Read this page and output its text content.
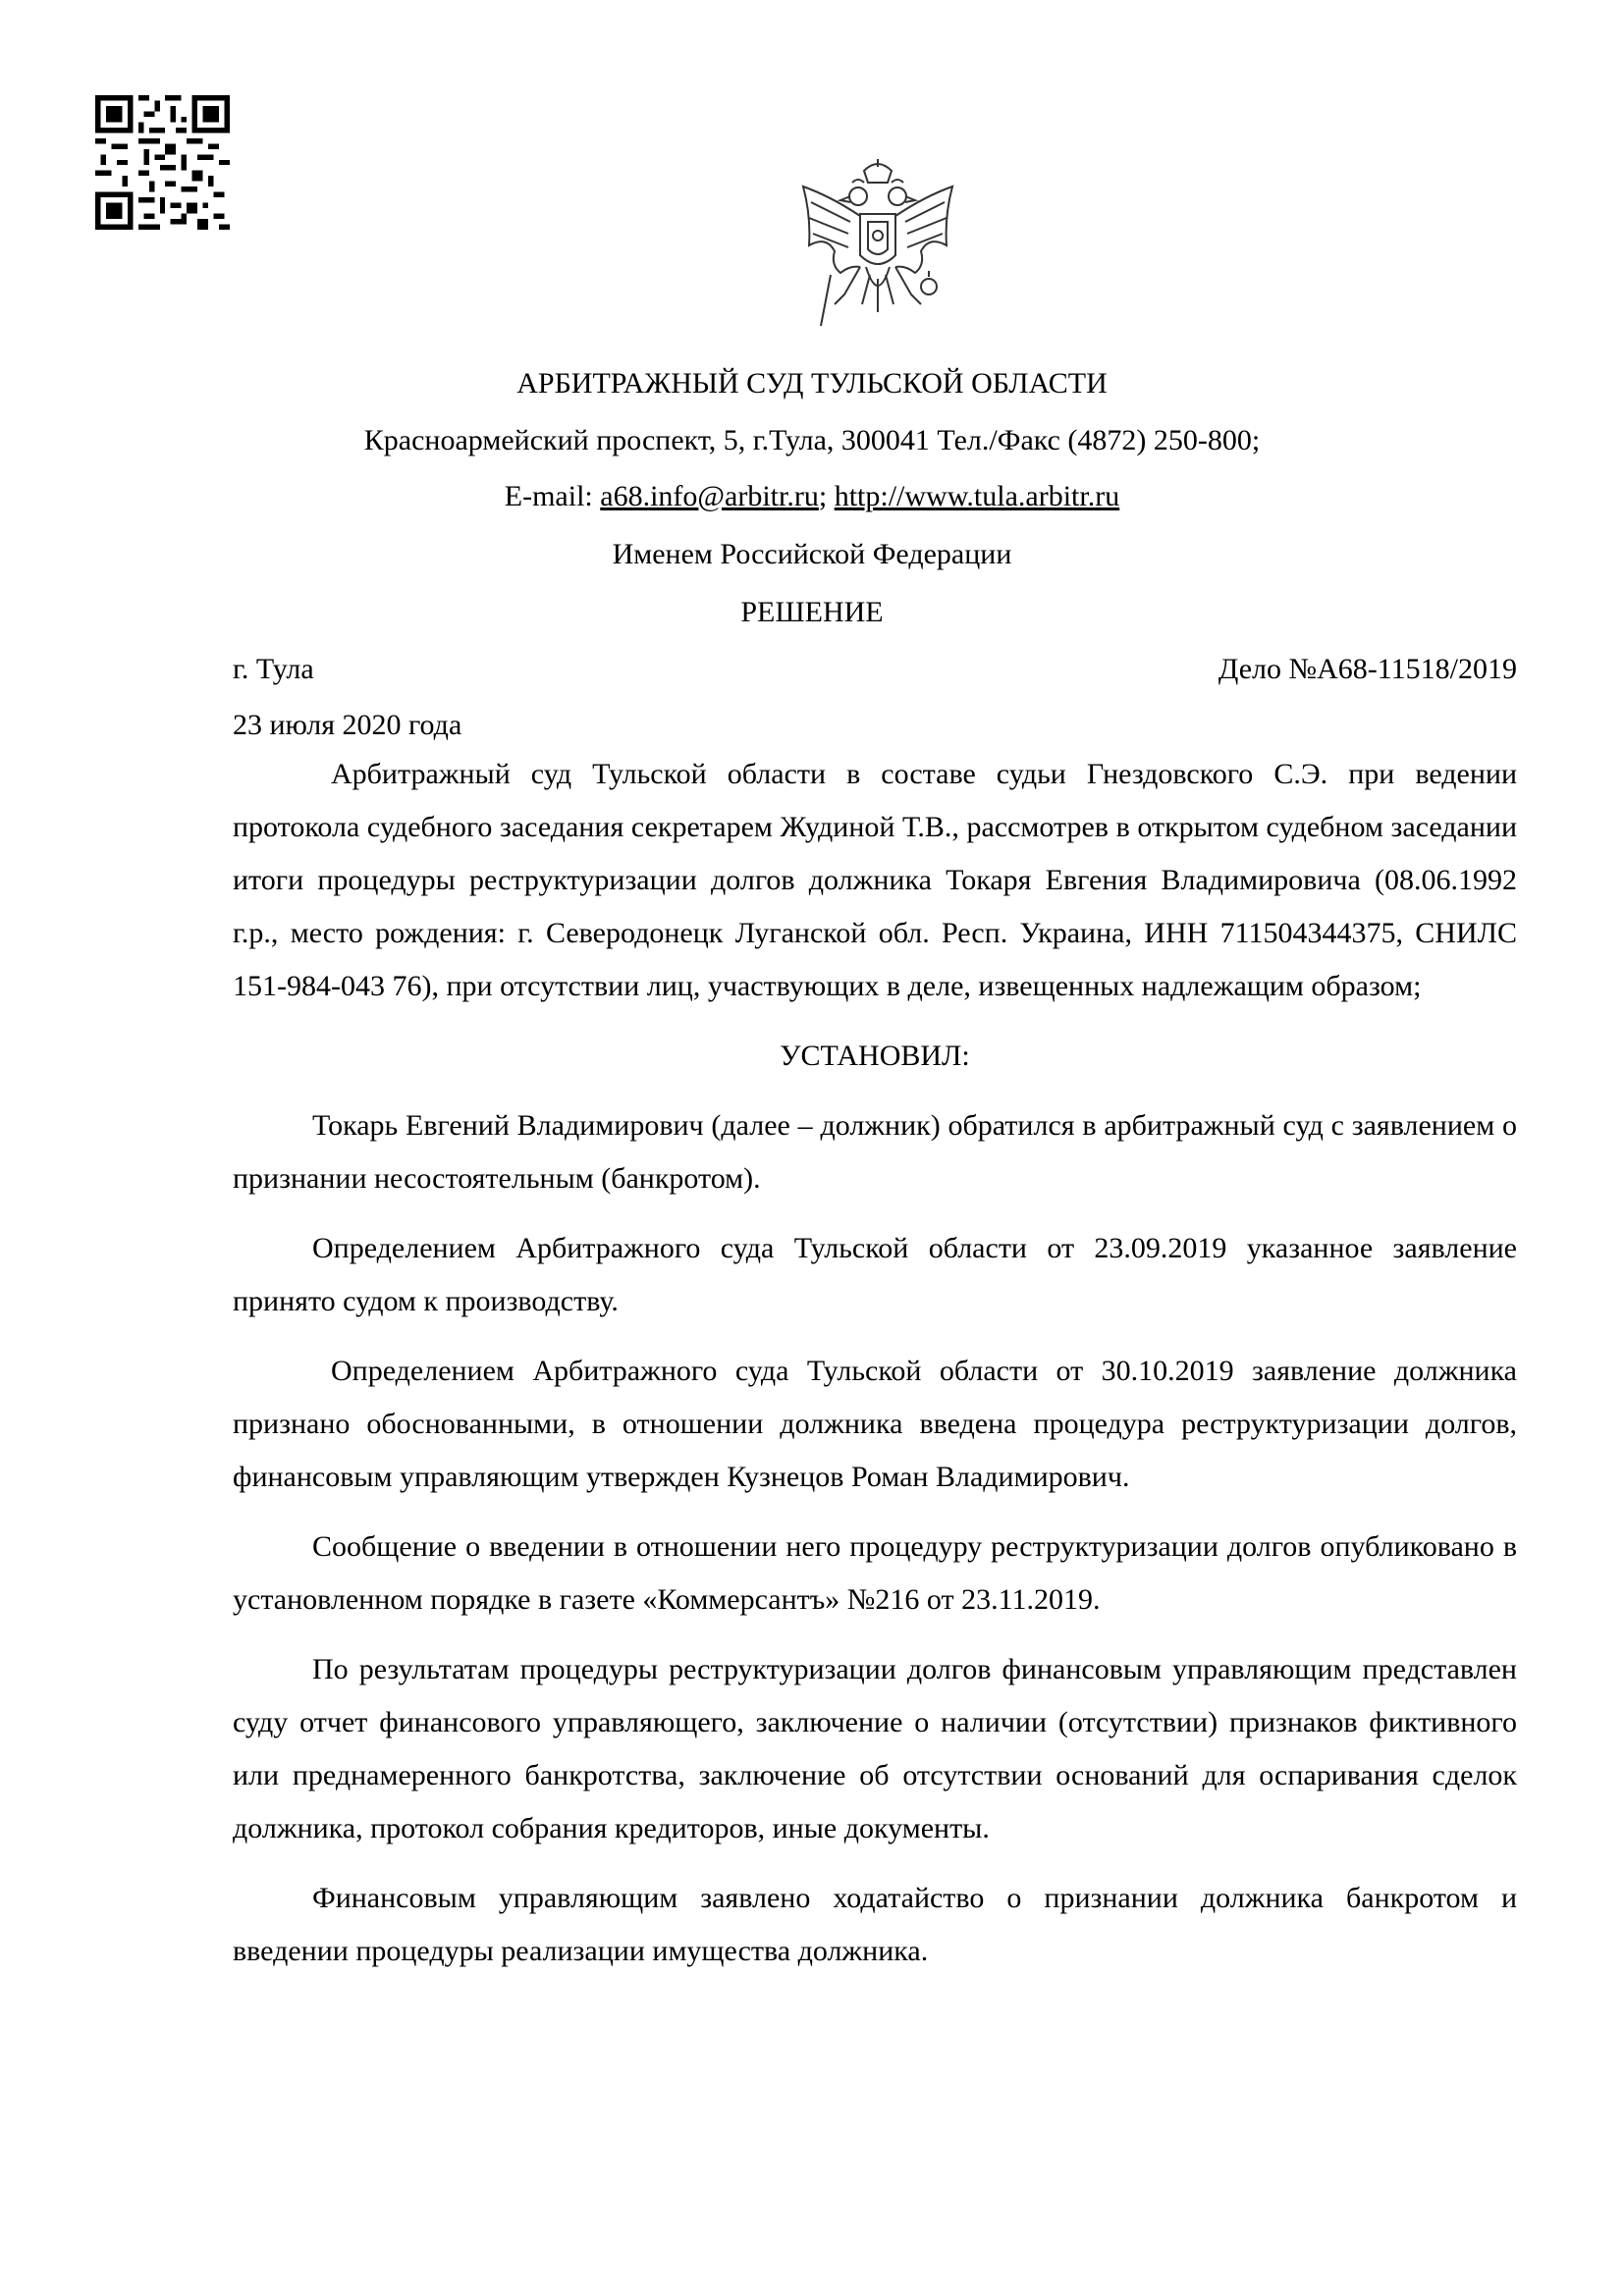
АРБИТРАЖНЫЙ СУД ТУЛЬСКОЙ ОБЛАСТИ
Красноармейский проспект, 5, г.Тула, 300041 Тел./Факс (4872) 250-800;
E-mail: a68.info@arbitr.ru; http://www.tula.arbitr.ru
Именем Российской Федерации
РЕШЕНИЕ
г. Тула	Дело №А68-11518/2019
23 июля 2020 года

Арбитражный суд Тульской области в составе судьи Гнездовского С.Э. при ведении протокола судебного заседания секретарем Жудиной Т.В., рассмотрев в открытом судебном заседании итоги процедуры реструктуризации долгов должника Токаря Евгения Владимировича (08.06.1992 г.р., место рождения: г. Северодонецк Луганской обл. Респ. Украина, ИНН 711504344375, СНИЛС 151-984-043 76), при отсутствии лиц, участвующих в деле, извещенных надлежащим образом;

УСТАНОВИЛ:

Токарь Евгений Владимирович (далее – должник) обратился в арбитражный суд с заявлением о признании несостоятельным (банкротом).

Определением Арбитражного суда Тульской области от 23.09.2019 указанное заявление принято судом к производству.

Определением Арбитражного суда Тульской области от 30.10.2019 заявление должника признано обоснованными, в отношении должника введена процедура реструктуризации долгов, финансовым управляющим утвержден Кузнецов Роман Владимирович.

Сообщение о введении в отношении него процедуру реструктуризации долгов опубликовано в установленном порядке в газете «Коммерсантъ» №216 от 23.11.2019.

По результатам процедуры реструктуризации долгов финансовым управляющим представлен суду отчет финансового управляющего, заключение о наличии (отсутствии) признаков фиктивного или преднамеренного банкротства, заключение об отсутствии оснований для оспаривания сделок должника, протокол собрания кредиторов, иные документы.

Финансовым управляющим заявлено ходатайство о признании должника банкротом и введении процедуры реализации имущества должника.
